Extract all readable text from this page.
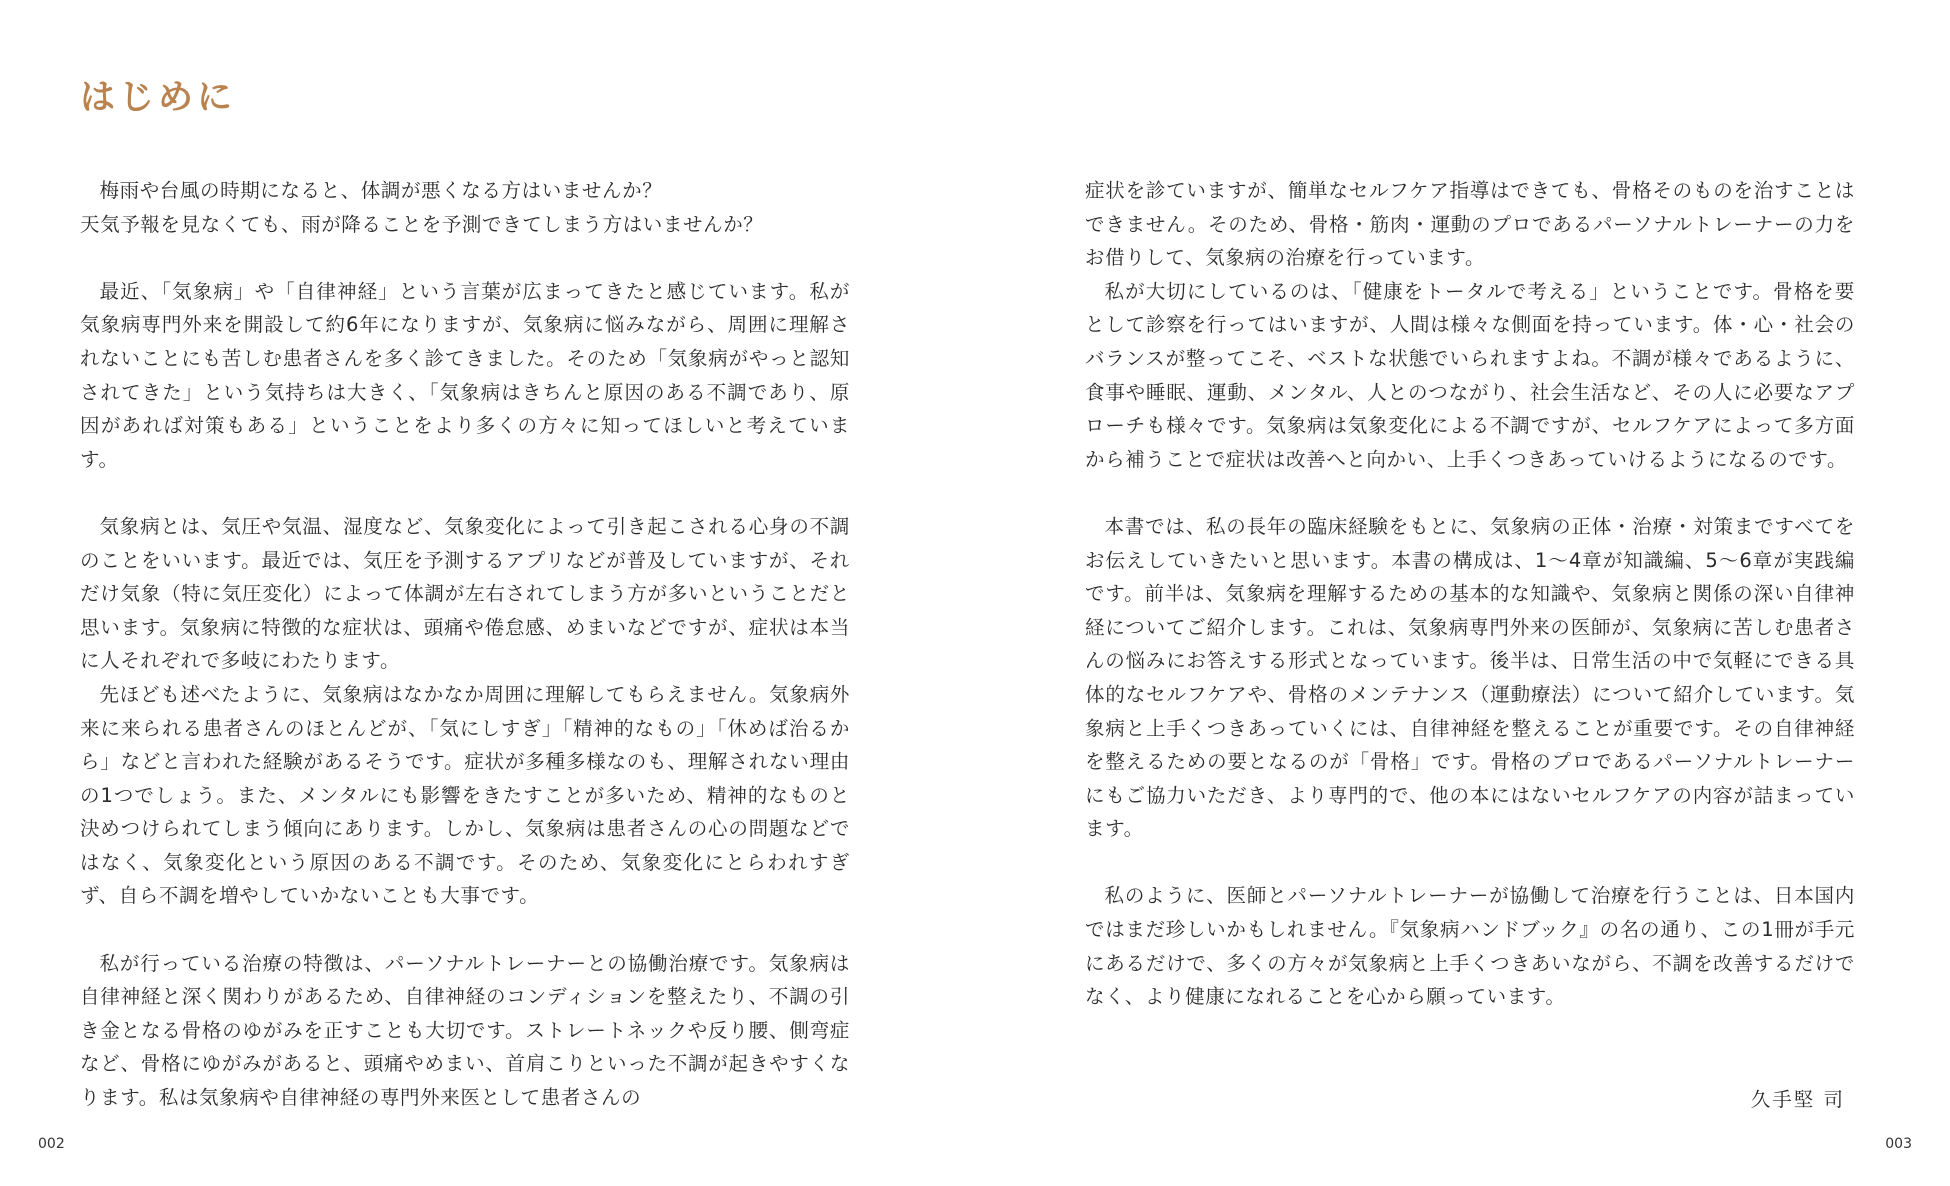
はじめに

梅雨や台風の時期になると、体調が悪くなる方はいませんか？
天気予報を見なくても、雨が降ることを予測できてしまう方はいませんか？

最近、「気象病」や「自律神経」という言葉が広まってきたと感じています。私が気象病専門外来を開設して約6年になりますが、気象病に悩みながら、周囲に理解されないことにも苦しむ患者さんを多く診てきました。そのため「気象病がやっと認知されてきた」という気持ちは大きく、「気象病はきちんと原因のある不調であり、原因があれば対策もある」ということをより多くの方々に知ってほしいと考えています。

気象病とは、気圧や気温、湿度など、気象変化によって引き起こされる心身の不調のことをいいます。最近では、気圧を予測するアプリなどが普及していますが、それだけ気象（特に気圧変化）によって体調が左右されてしまう方が多いということだと思います。気象病に特徴的な症状は、頭痛や倦怠感、めまいなどですが、症状は本当に人それぞれで多岐にわたります。

先ほども述べたように、気象病はなかなか周囲に理解してもらえません。気象病外来に来られる患者さんのほとんどが、「気にしすぎ」「精神的なもの」「休めば治るから」などと言われた経験があるそうです。症状が多種多様なのも、理解されない理由の1つでしょう。また、メンタルにも影響をきたすことが多いため、精神的なものと決めつけられてしまう傾向にあります。しかし、気象病は患者さんの心の問題などではなく、気象変化という原因のある不調です。そのため、気象変化にとらわれすぎず、自ら不調を増やしていかないことも大事です。

私が行っている治療の特徴は、パーソナルトレーナーとの協働治療です。気象病は自律神経と深く関わりがあるため、自律神経のコンディションを整えたり、不調の引き金となる骨格のゆがみを正すことも大切です。ストレートネックや反り腰、側弯症など、骨格にゆがみがあると、頭痛やめまい、首肩こりといった不調が起きやすくなります。私は気象病や自律神経の専門外来医として患者さんの

002

症状を診ていますが、簡単なセルフケア指導はできても、骨格そのものを治すことはできません。そのため、骨格・筋肉・運動のプロであるパーソナルトレーナーの力をお借りして、気象病の治療を行っています。

私が大切にしているのは、「健康をトータルで考える」ということです。骨格を要として診察を行ってはいますが、人間は様々な側面を持っています。体・心・社会のバランスが整ってこそ、ベストな状態でいられますよね。不調が様々であるように、食事や睡眠、運動、メンタル、人とのつながり、社会生活など、その人に必要なアプローチも様々です。気象病は気象変化による不調ですが、セルフケアによって多方面から補うことで症状は改善へと向かい、上手くつきあっていけるようになるのです。

本書では、私の長年の臨床経験をもとに、気象病の正体・治療・対策まですべてをお伝えしていきたいと思います。本書の構成は、1〜4章が知識編、5〜6章が実践編です。前半は、気象病を理解するための基本的な知識や、気象病と関係の深い自律神経についてご紹介します。これは、気象病専門外来の医師が、気象病に苦しむ患者さんの悩みにお答えする形式となっています。後半は、日常生活の中で気軽にできる具体的なセルフケアや、骨格のメンテナンス（運動療法）について紹介しています。気象病と上手くつきあっていくには、自律神経を整えることが重要です。その自律神経を整えるための要となるのが「骨格」です。骨格のプロであるパーソナルトレーナーにもご協力いただき、より専門的で、他の本にはないセルフケアの内容が詰まっています。

私のように、医師とパーソナルトレーナーが協働して治療を行うことは、日本国内ではまだ珍しいかもしれません。『気象病ハンドブック』の名の通り、この1冊が手元にあるだけで、多くの方々が気象病と上手くつきあいながら、不調を改善するだけでなく、より健康になれることを心から願っています。

久手堅 司
003
